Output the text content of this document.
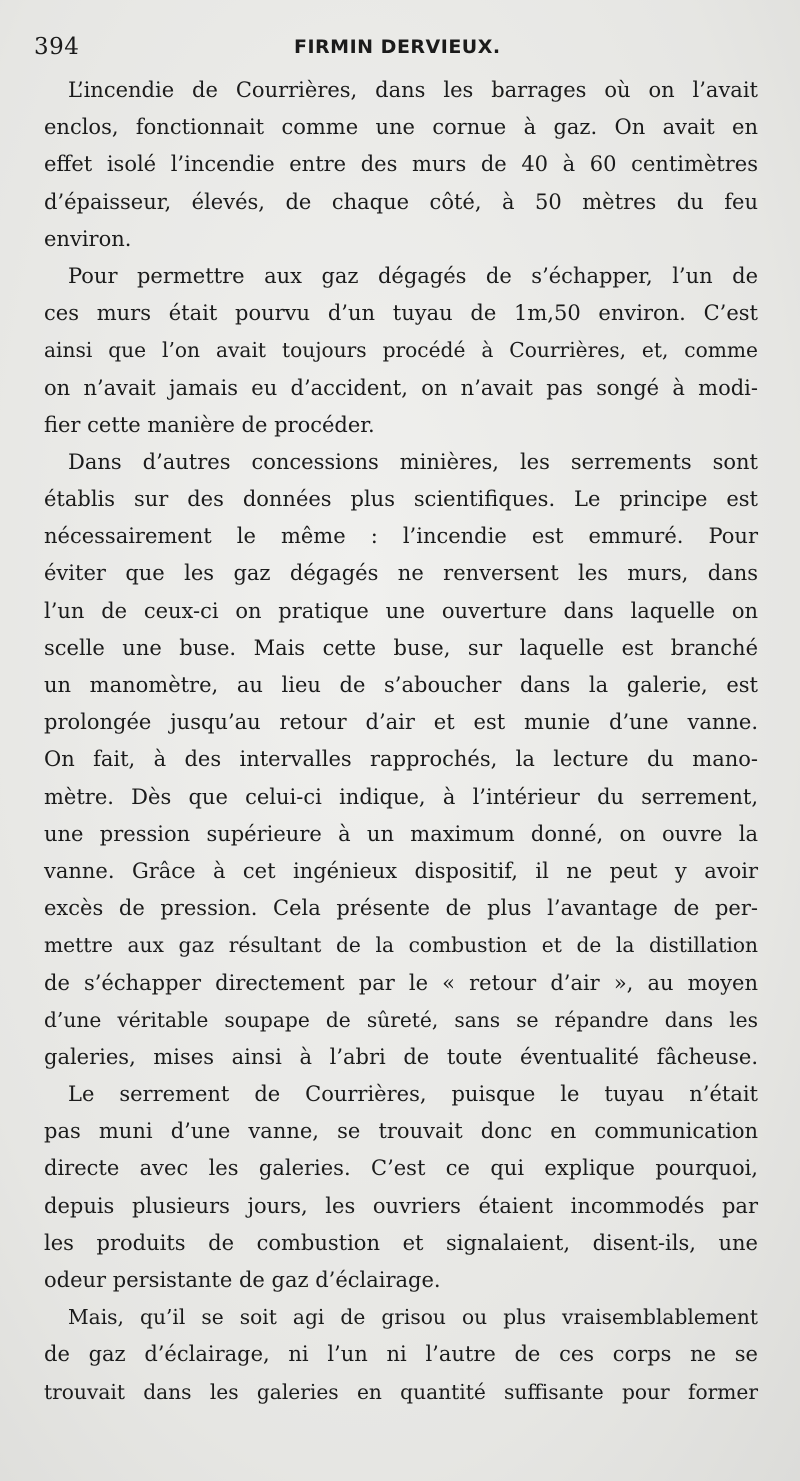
394	FIRMIN DERVIEUX.
L’incendie de Courrières, dans les barrages où on l’avait
enclos, fonctionnait comme une cornue à gaz. On avait en
effet isolé l’incendie entre des murs de 40 à 60 centimètres
d’épaisseur, élevés, de chaque côté, à 50 mètres du feu
environ.
Pour permettre aux gaz dégagés de s’échapper, l’un de
ces murs était pourvu d’un tuyau de 1m,50 environ. C’est
ainsi que l’on avait toujours procédé à Courrières, et, comme
on n’avait jamais eu d’accident, on n’avait pas songé à modi-
fier cette manière de procéder.
Dans d’autres concessions minières, les serrements sont
établis sur des données plus scientifiques. Le principe est
nécessairement le même : l’incendie est emmuré. Pour
éviter que les gaz dégagés ne renversent les murs, dans
l’un de ceux-ci on pratique une ouverture dans laquelle on
scelle une buse. Mais cette buse, sur laquelle est branché
un manomètre, au lieu de s’aboucher dans la galerie, est
prolongée jusqu’au retour d’air et est munie d’une vanne.
On fait, à des intervalles rapprochés, la lecture du mano-
mètre. Dès que celui-ci indique, à l’intérieur du serrement,
une pression supérieure à un maximum donné, on ouvre la
vanne. Grâce à cet ingénieux dispositif, il ne peut y avoir
excès de pression. Cela présente de plus l’avantage de per-
mettre aux gaz résultant de la combustion et de la distillation
de s’échapper directement par le « retour d’air », au moyen
d’une véritable soupape de sûreté, sans se répandre dans les
galeries, mises ainsi à l’abri de toute éventualité fâcheuse.
Le serrement de Courrières, puisque le tuyau n’était
pas muni d’une vanne, se trouvait donc en communication
directe avec les galeries. C’est ce qui explique pourquoi,
depuis plusieurs jours, les ouvriers étaient incommodés par
les produits de combustion et signalaient, disent-ils, une
odeur persistante de gaz d’éclairage.
Mais, qu’il se soit agi de grisou ou plus vraisemblablement
de gaz d’éclairage, ni l’un ni l’autre de ces corps ne se
trouvait dans les galeries en quantité suffisante pour former
